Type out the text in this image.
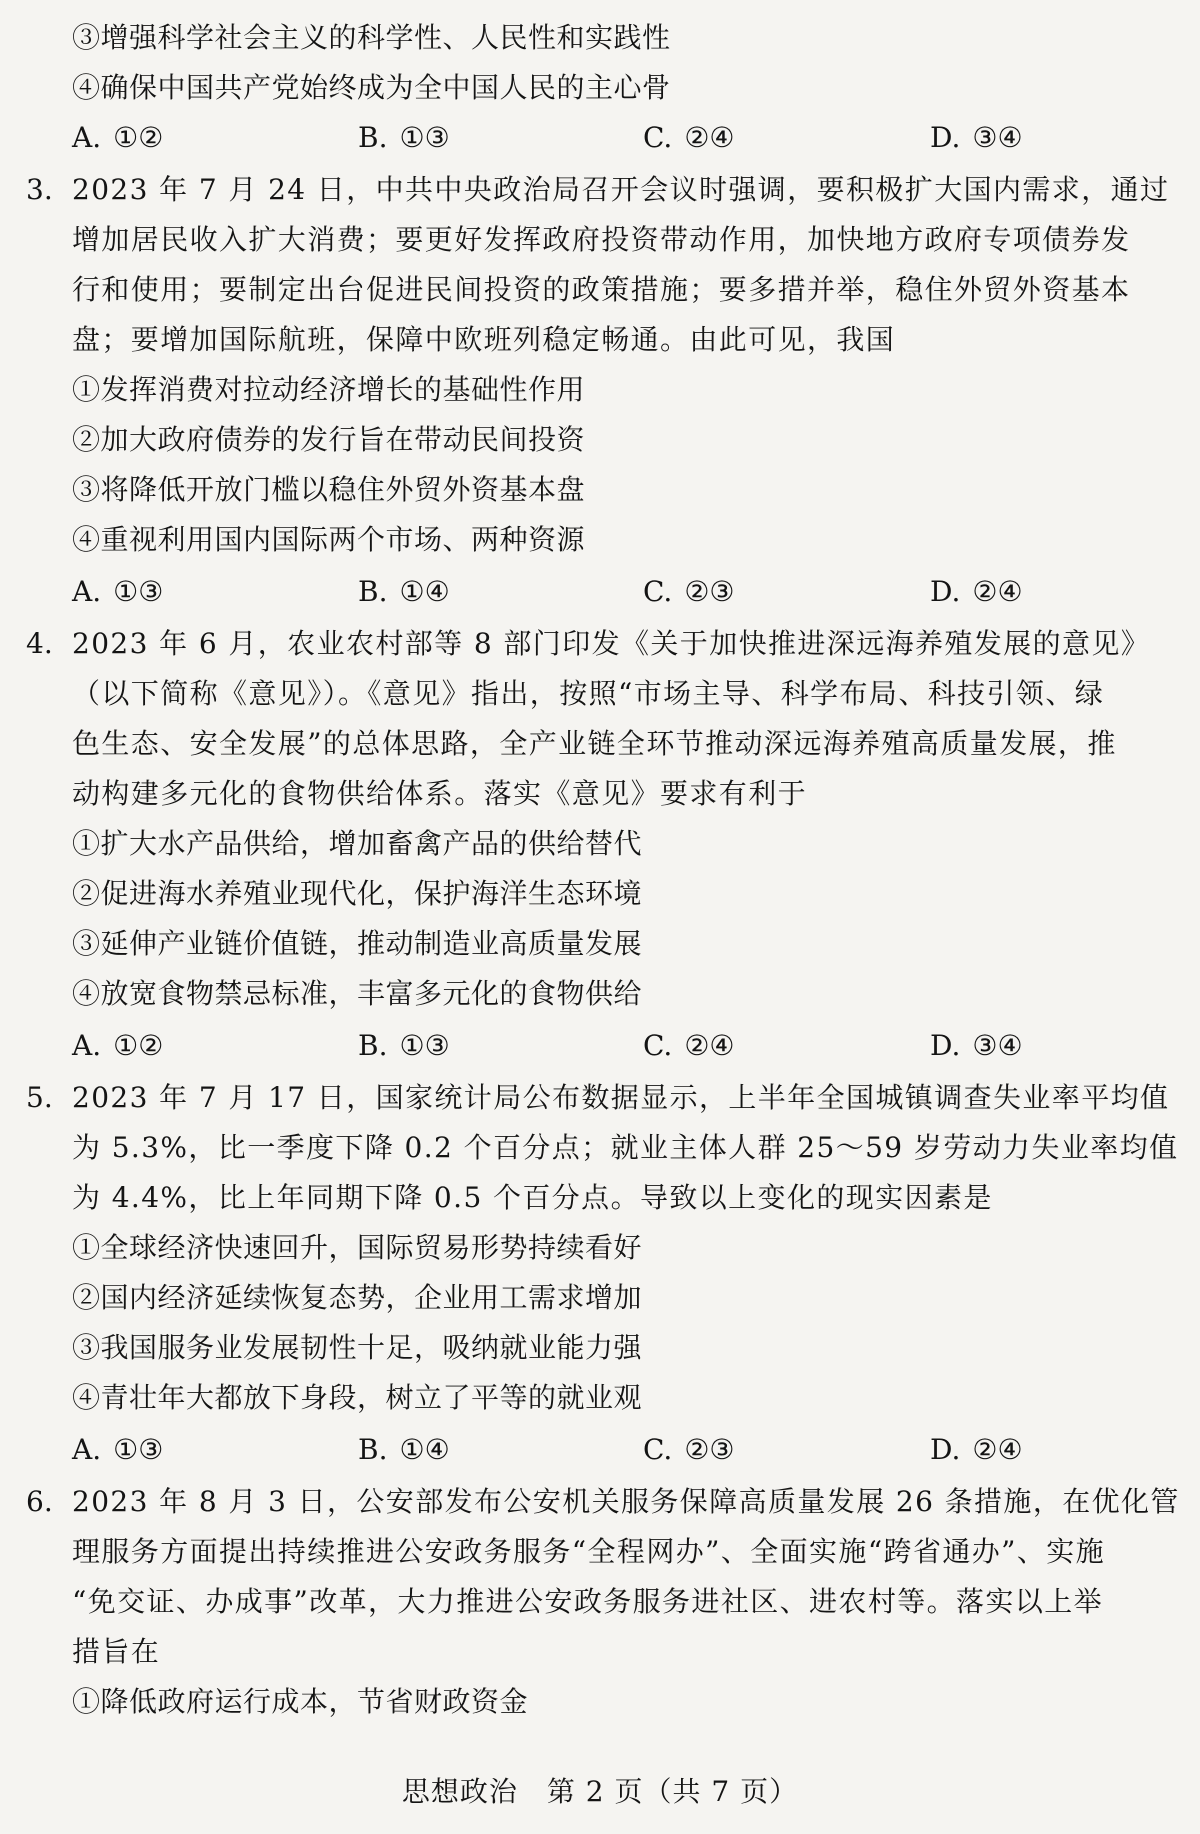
③增强科学社会主义的科学性、人民性和实践性
④确保中国共产党始终成为全中国人民的主心骨
A. ①②	B. ①③	C. ②④	D. ③④
3. 2023 年 7 月 24 日，中共中央政治局召开会议时强调，要积极扩大国内需求，通过
增加居民收入扩大消费；要更好发挥政府投资带动作用，加快地方政府专项债券发
行和使用；要制定出台促进民间投资的政策措施；要多措并举，稳住外贸外资基本
盘；要增加国际航班，保障中欧班列稳定畅通。由此可见，我国
①发挥消费对拉动经济增长的基础性作用
②加大政府债券的发行旨在带动民间投资
③将降低开放门槛以稳住外贸外资基本盘
④重视利用国内国际两个市场、两种资源
A. ①③	B. ①④	C. ②③	D. ②④
4. 2023 年 6 月，农业农村部等 8 部门印发《关于加快推进深远海养殖发展的意见》
（以下简称《意见》）。《意见》指出，按照“市场主导、科学布局、科技引领、绿
色生态、安全发展”的总体思路，全产业链全环节推动深远海养殖高质量发展，推
动构建多元化的食物供给体系。落实《意见》要求有利于
①扩大水产品供给，增加畜禽产品的供给替代
②促进海水养殖业现代化，保护海洋生态环境
③延伸产业链价值链，推动制造业高质量发展
④放宽食物禁忌标准，丰富多元化的食物供给
A. ①②	B. ①③	C. ②④	D. ③④
5. 2023 年 7 月 17 日，国家统计局公布数据显示，上半年全国城镇调查失业率平均值
为 5.3%，比一季度下降 0.2 个百分点；就业主体人群 25～59 岁劳动力失业率均值
为 4.4%，比上年同期下降 0.5 个百分点。导致以上变化的现实因素是
①全球经济快速回升，国际贸易形势持续看好
②国内经济延续恢复态势，企业用工需求增加
③我国服务业发展韧性十足，吸纳就业能力强
④青壮年大都放下身段，树立了平等的就业观
A. ①③	B. ①④	C. ②③	D. ②④
6. 2023 年 8 月 3 日，公安部发布公安机关服务保障高质量发展 26 条措施，在优化管
理服务方面提出持续推进公安政务服务“全程网办”、全面实施“跨省通办”、实施
“免交证、办成事”改革，大力推进公安政务服务进社区、进农村等。落实以上举
措旨在
①降低政府运行成本，节省财政资金
思想政治　第 2 页（共 7 页）
